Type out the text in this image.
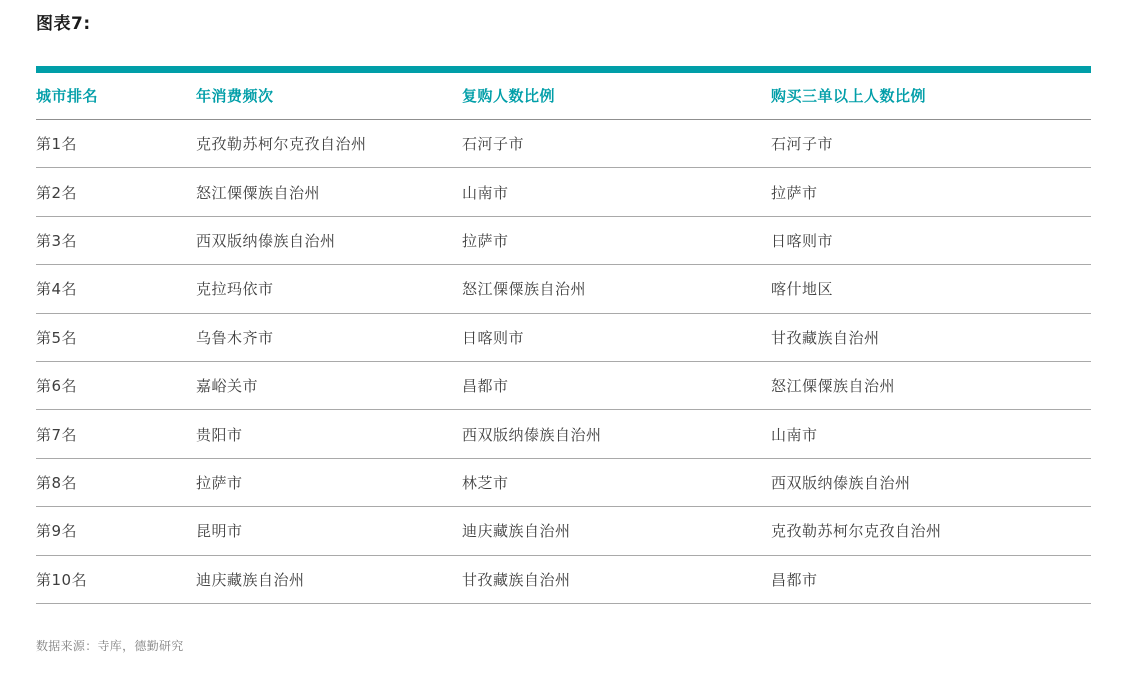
图表7:
城市排名	年消费频次	复购人数比例	购买三单以上人数比例
第1名	克孜勒苏柯尔克孜自治州	石河子市	石河子市
第2名	怒江傈僳族自治州	山南市	拉萨市
第3名	西双版纳傣族自治州	拉萨市	日喀则市
第4名	克拉玛依市	怒江傈僳族自治州	喀什地区
第5名	乌鲁木齐市	日喀则市	甘孜藏族自治州
第6名	嘉峪关市	昌都市	怒江傈僳族自治州
第7名	贵阳市	西双版纳傣族自治州	山南市
第8名	拉萨市	林芝市	西双版纳傣族自治州
第9名	昆明市	迪庆藏族自治州	克孜勒苏柯尔克孜自治州
第10名	迪庆藏族自治州	甘孜藏族自治州	昌都市
数据来源：寺库，德勤研究
